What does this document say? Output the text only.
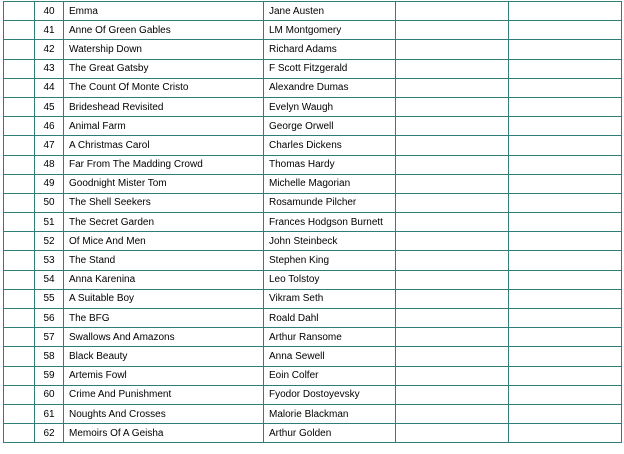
	40	Emma	Jane Austen		
	41	Anne Of Green Gables	LM Montgomery		
	42	Watership Down	Richard Adams		
	43	The Great Gatsby	F Scott Fitzgerald		
	44	The Count Of Monte Cristo	Alexandre Dumas		
	45	Brideshead Revisited	Evelyn Waugh		
	46	Animal Farm	George Orwell		
	47	A Christmas Carol	Charles Dickens		
	48	Far From The Madding Crowd	Thomas Hardy		
	49	Goodnight Mister Tom	Michelle Magorian		
	50	The Shell Seekers	Rosamunde Pilcher		
	51	The Secret Garden	Frances Hodgson Burnett		
	52	Of Mice And Men	John Steinbeck		
	53	The Stand	Stephen King		
	54	Anna Karenina	Leo Tolstoy		
	55	A Suitable Boy	Vikram Seth		
	56	The BFG	Roald Dahl		
	57	Swallows And Amazons	Arthur Ransome		
	58	Black Beauty	Anna Sewell		
	59	Artemis Fowl	Eoin Colfer		
	60	Crime And Punishment	Fyodor Dostoyevsky		
	61	Noughts And Crosses	Malorie Blackman		
	62	Memoirs Of A Geisha	Arthur Golden		
